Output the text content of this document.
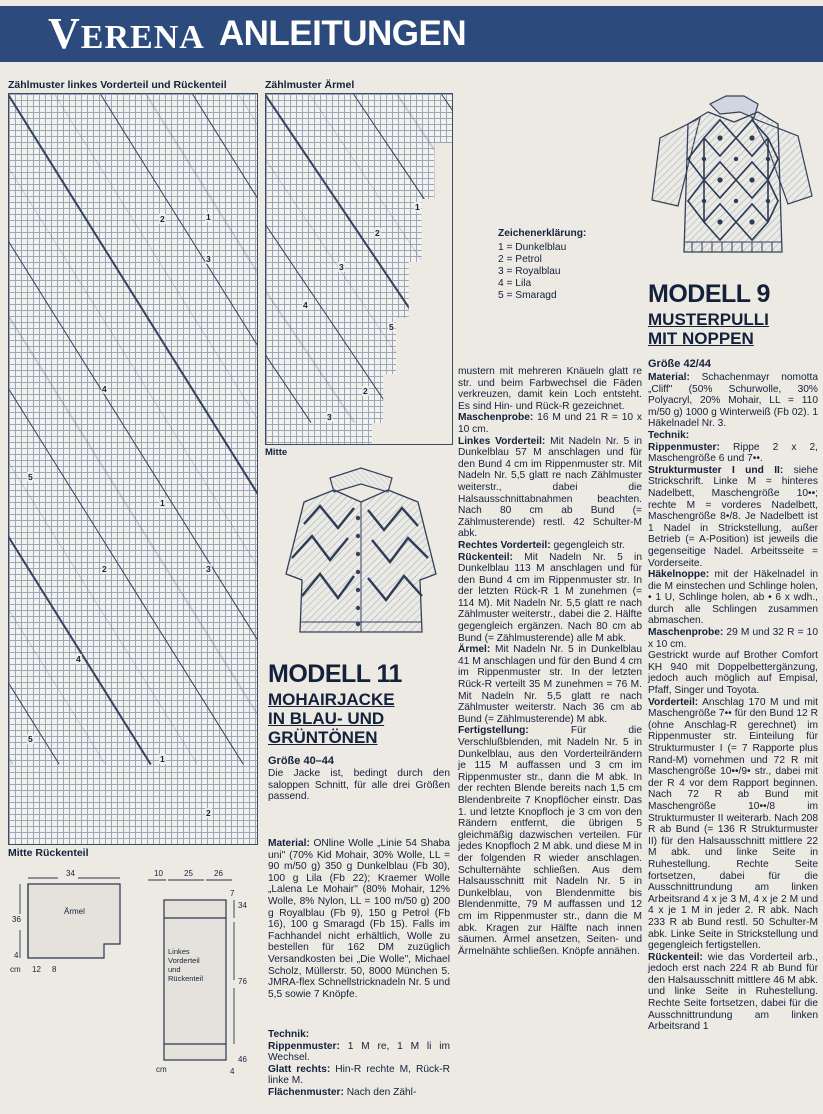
VERENA ANLEITUNGEN
Zählmuster linkes Vorderteil und Rückenteil	Zählmuster Ärmel
1
2
3
4
5
1
2	3
4
5
1
2
1
2
3
4
5
2
3
Mitte
Zeichenerklärung:
1 = Dunkelblau
2 = Petrol
3 = Royalblau
4 = Lila
5 = Smaragd
MODELL 11
MOHAIRJACKE
IN BLAU- UND
GRÜNTÖNEN
Größe 40–44

Die Jacke ist, bedingt durch den saloppen Schnitt, für alle drei Größen passend.

Material: ONline Wolle „Linie 54 Shaba uni" (70% Kid Mohair, 30% Wolle, LL = 90 m/50 g) 350 g Dunkelblau (Fb 30), 100 g Lila (Fb 22); Kraemer Wolle „Lalena Le Mohair" (80% Mohair, 12% Wolle, 8% Nylon, LL = 100 m/50 g) 200 g Royalblau (Fb 9), 150 g Petrol (Fb 16), 100 g Smaragd (Fb 15). Falls im Fachhandel nicht erhältlich, Wolle zu bestellen für 162 DM zuzüglich Versandkosten bei „Die Wolle", Michael Scholz, Müllerstr. 50, 8000 München 5. JMRA-flex Schnellstricknadeln Nr. 5 und 5,5 sowie 7 Knöpfe.

Technik:

Rippenmuster: 1 M re, 1 M li im Wechsel.

Glatt rechts: Hin-R rechte M, Rück-R linke M.

Flächenmuster: Nach den Zähl-

mustern mit mehreren Knäueln glatt re str. und beim Farbwechsel die Fäden verkreuzen, damit kein Loch entsteht. Es sind Hin- und Rück-R gezeichnet.

Maschenprobe: 16 M und 21 R = 10 x 10 cm.

Linkes Vorderteil: Mit Nadeln Nr. 5 in Dunkelblau 57 M anschlagen und für den Bund 4 cm im Rippenmuster str. Mit Nadeln Nr. 5,5 glatt re nach Zählmuster weiterstr., dabei die Halsausschnittabnahmen beachten. Nach 80 cm ab Bund (= Zählmusterende) restl. 42 Schulter-M abk.

Rechtes Vorderteil: gegengleich str.

Rückenteil: Mit Nadeln Nr. 5 in Dunkelblau 113 M anschlagen und für den Bund 4 cm im Rippenmuster str. In der letzten Rück-R 1 M zunehmen (= 114 M). Mit Nadeln Nr. 5,5 glatt re nach Zählmuster weiterstr., dabei die 2. Hälfte gegengleich ergänzen. Nach 80 cm ab Bund (= Zählmusterende) alle M abk.

Ärmel: Mit Nadeln Nr. 5 in Dunkelblau 41 M anschlagen und für den Bund 4 cm im Rippenmuster str. In der letzten Rück-R verteilt 35 M zunehmen = 76 M. Mit Nadeln Nr. 5,5 glatt re nach Zählmuster weiterstr. Nach 36 cm ab Bund (= Zählmusterende) M abk.

Fertigstellung: Für die Verschlußblenden, mit Nadeln Nr. 5 in Dunkelblau, aus den Vorderteilrändern je 115 M auffassen und 3 cm im Rippenmuster str., dann die M abk. In der rechten Blende bereits nach 1,5 cm Blendenbreite 7 Knopflöcher einstr. Das 1. und letzte Knopfloch je 3 cm von den Rändern entfernt, die übrigen 5 gleichmäßig dazwischen verteilen. Für jedes Knopfloch 2 M abk. und diese M in der folgenden R wieder anschlagen. Schulternähte schließen. Aus dem Halsausschnitt mit Nadeln Nr. 5 in Dunkelblau, von Blendenmitte bis Blendenmitte, 79 M auffassen und 12 cm im Rippenmuster str., dann die M abk. Kragen zur Hälfte nach innen säumen. Ärmel ansetzen, Seiten- und Ärmelnähte schließen. Knöpfe annähen.

MODELL 9
MUSTERPULLI
MIT NOPPEN
Größe 42/44

Material: Schachenmayr nomotta „Cliff" (50% Schurwolle, 30% Polyacryl, 20% Mohair, LL = 110 m/50 g) 1000 g Winterweiß (Fb 02). 1 Häkelnadel Nr. 3.

Technik:

Rippenmuster: Rippe 2 x 2, Maschengröße 6 und 7••.

Strukturmuster I und II: siehe Strickschrift. Linke M = hinteres Nadelbett, Maschengröße 10••; rechte M = vorderes Nadelbett, Maschengröße 8•/8. Je Nadelbett ist 1 Nadel in Strickstellung, außer Betrieb (= A-Position) ist jeweils die gegenseitige Nadel. Arbeitsseite = Vorderseite.

Häkelnoppe: mit der Häkelnadel in die M einstechen und Schlinge holen, • 1 U, Schlinge holen, ab • 6 x wdh., durch alle Schlingen zusammen abmaschen.

Maschenprobe: 29 M und 32 R = 10 x 10 cm.

Gestrickt wurde auf Brother Comfort KH 940 mit Doppelbettergänzung, jedoch auch möglich auf Empisal, Pfaff, Singer und Toyota.

Vorderteil: Anschlag 170 M und mit Maschengröße 7•• für den Bund 12 R (ohne Anschlag-R gerechnet) im Rippenmuster str. Einteilung für Strukturmuster I (= 7 Rapporte plus Rand-M) vornehmen und 72 R mit Maschengröße 10••/9• str., dabei mit der R 4 vor dem Rapport beginnen. Nach 72 R ab Bund mit Maschengröße 10••/8 im Strukturmuster II weiterarb. Nach 208 R ab Bund (= 136 R Strukturmuster II) für den Halsausschnitt mittlere 22 M abk. und linke Seite in Ruhestellung. Rechte Seite fortsetzen, dabei für die Ausschnittrundung am linken Arbeitsrand 4 x je 3 M, 4 x je 2 M und 4 x je 1 M in jeder 2. R abk. Nach 233 R ab Bund restl. 50 Schulter-M abk. Linke Seite in Strickstellung und gegengleich fertigstellen.

Rückenteil: wie das Vorderteil arb., jedoch erst nach 224 R ab Bund für den Halsausschnitt mittlere 46 M abk. und linke Seite in Ruhestellung. Rechte Seite fortsetzen, dabei für die Ausschnittrundung am linken Arbeitsrand 1

Mitte Rückenteil
Ärmel
34
36
cm 12 8
4	Linkes
Vorderteil
und
Rückenteil
10	25	26
34
76
46
cm	4
7
